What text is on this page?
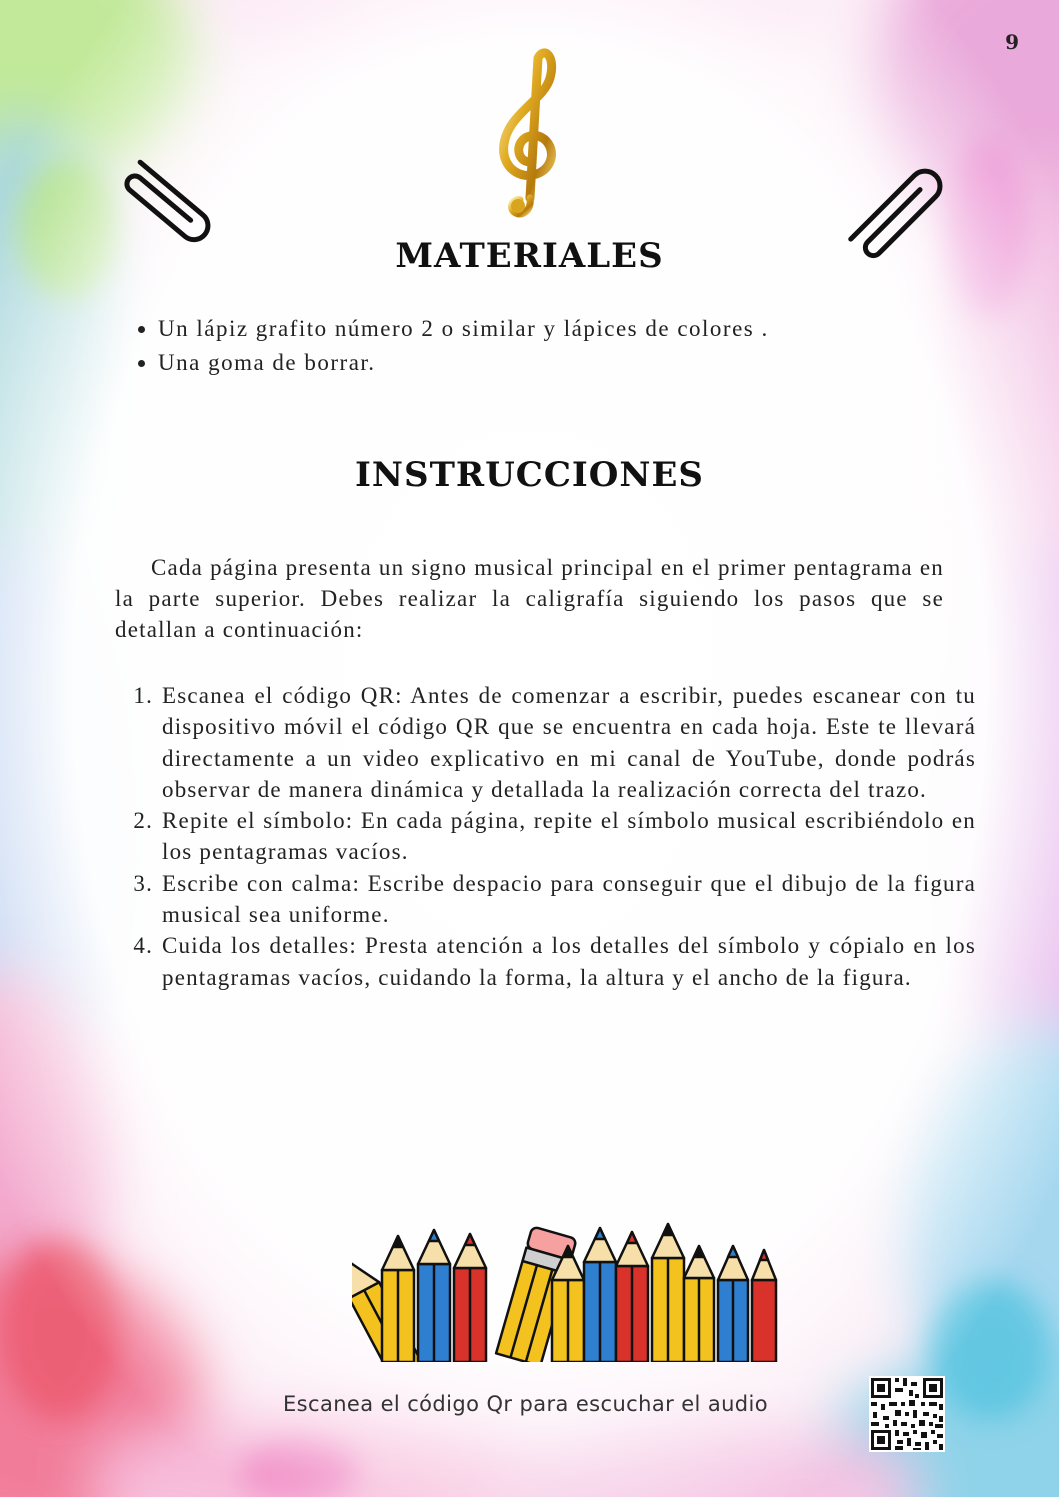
9
MATERIALES
• Un lápiz grafito número 2 o similar y lápices de colores .
• Una goma de borrar.
INSTRUCCIONES

Cada página presenta un signo musical principal en el primer pentagrama en la parte superior. Debes realizar la caligrafía siguiendo los pasos que se detallan a continuación:

1. Escanea el código QR: Antes de comenzar a escribir, puedes escanear con tu dispositivo móvil el código QR que se encuentra en cada hoja. Este te llevará directamente a un video explicativo en mi canal de YouTube, donde podrás observar de manera dinámica y detallada la realización correcta del trazo.
2. Repite el símbolo: En cada página, repite el símbolo musical escribiéndolo en los pentagramas vacíos.
3. Escribe con calma: Escribe despacio para conseguir que el dibujo de la figura musical sea uniforme.
4. Cuida los detalles: Presta atención a los detalles del símbolo y cópialo en los pentagramas vacíos, cuidando la forma, la altura y el ancho de la figura.
Escanea el código Qr para escuchar el audio
